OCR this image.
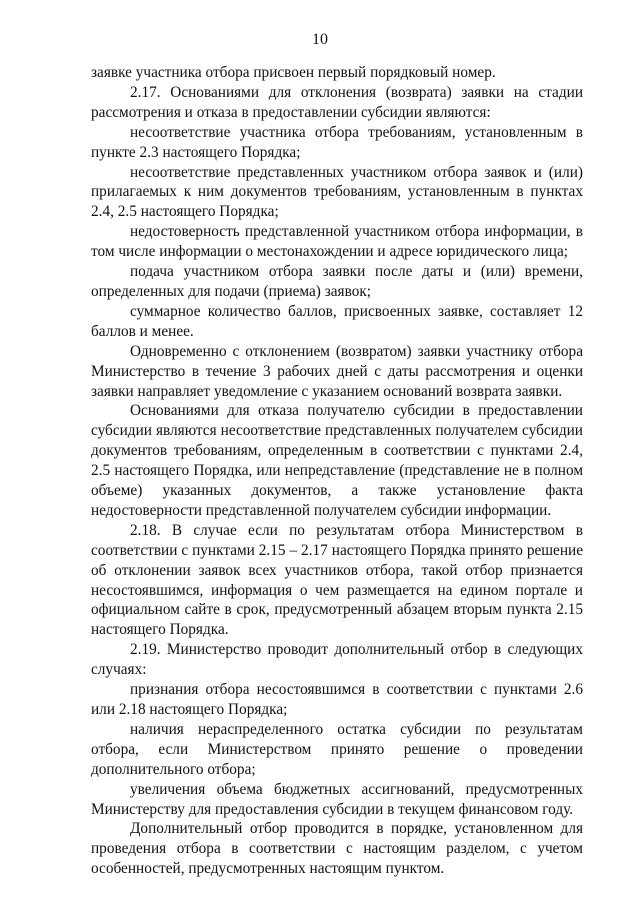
10

заявке участника отбора присвоен первый порядковый номер.

2.17. Основаниями для отклонения (возврата) заявки на стадии рассмотрения и отказа в предоставлении субсидии являются:

несоответствие участника отбора требованиям, установленным в пункте 2.3 настоящего Порядка;

несоответствие представленных участником отбора заявок и (или) прилагаемых к ним документов требованиям, установленным в пунктах 2.4, 2.5 настоящего Порядка;

недостоверность представленной участником отбора информации, в том числе информации о местонахождении и адресе юридического лица;

подача участником отбора заявки после даты и (или) времени, определенных для подачи (приема) заявок;

суммарное количество баллов, присвоенных заявке, составляет 12 баллов и менее.

Одновременно с отклонением (возвратом) заявки участнику отбора Министерство в течение 3 рабочих дней с даты рассмотрения и оценки заявки направляет уведомление с указанием оснований возврата заявки.

Основаниями для отказа получателю субсидии в предоставлении субсидии являются несоответствие представленных получателем субсидии документов требованиям, определенным в соответствии с пунктами 2.4, 2.5 настоящего Порядка, или непредставление (представление не в полном объеме) указанных документов, а также установление факта недостоверности представленной получателем субсидии информации.

2.18. В случае если по результатам отбора Министерством в соответствии с пунктами 2.15 – 2.17 настоящего Порядка принято решение об отклонении заявок всех участников отбора, такой отбор признается несостоявшимся, информация о чем размещается на едином портале и официальном сайте в срок, предусмотренный абзацем вторым пункта 2.15 настоящего Порядка.

2.19. Министерство проводит дополнительный отбор в следующих случаях:

признания отбора несостоявшимся в соответствии с пунктами 2.6 или 2.18 настоящего Порядка;

наличия нераспределенного остатка субсидии по результатам отбора, если Министерством принято решение о проведении дополнительного отбора;

увеличения объема бюджетных ассигнований, предусмотренных Министерству для предоставления субсидии в текущем финансовом году.

Дополнительный отбор проводится в порядке, установленном для проведения отбора в соответствии с настоящим разделом, с учетом особенностей, предусмотренных настоящим пунктом.
